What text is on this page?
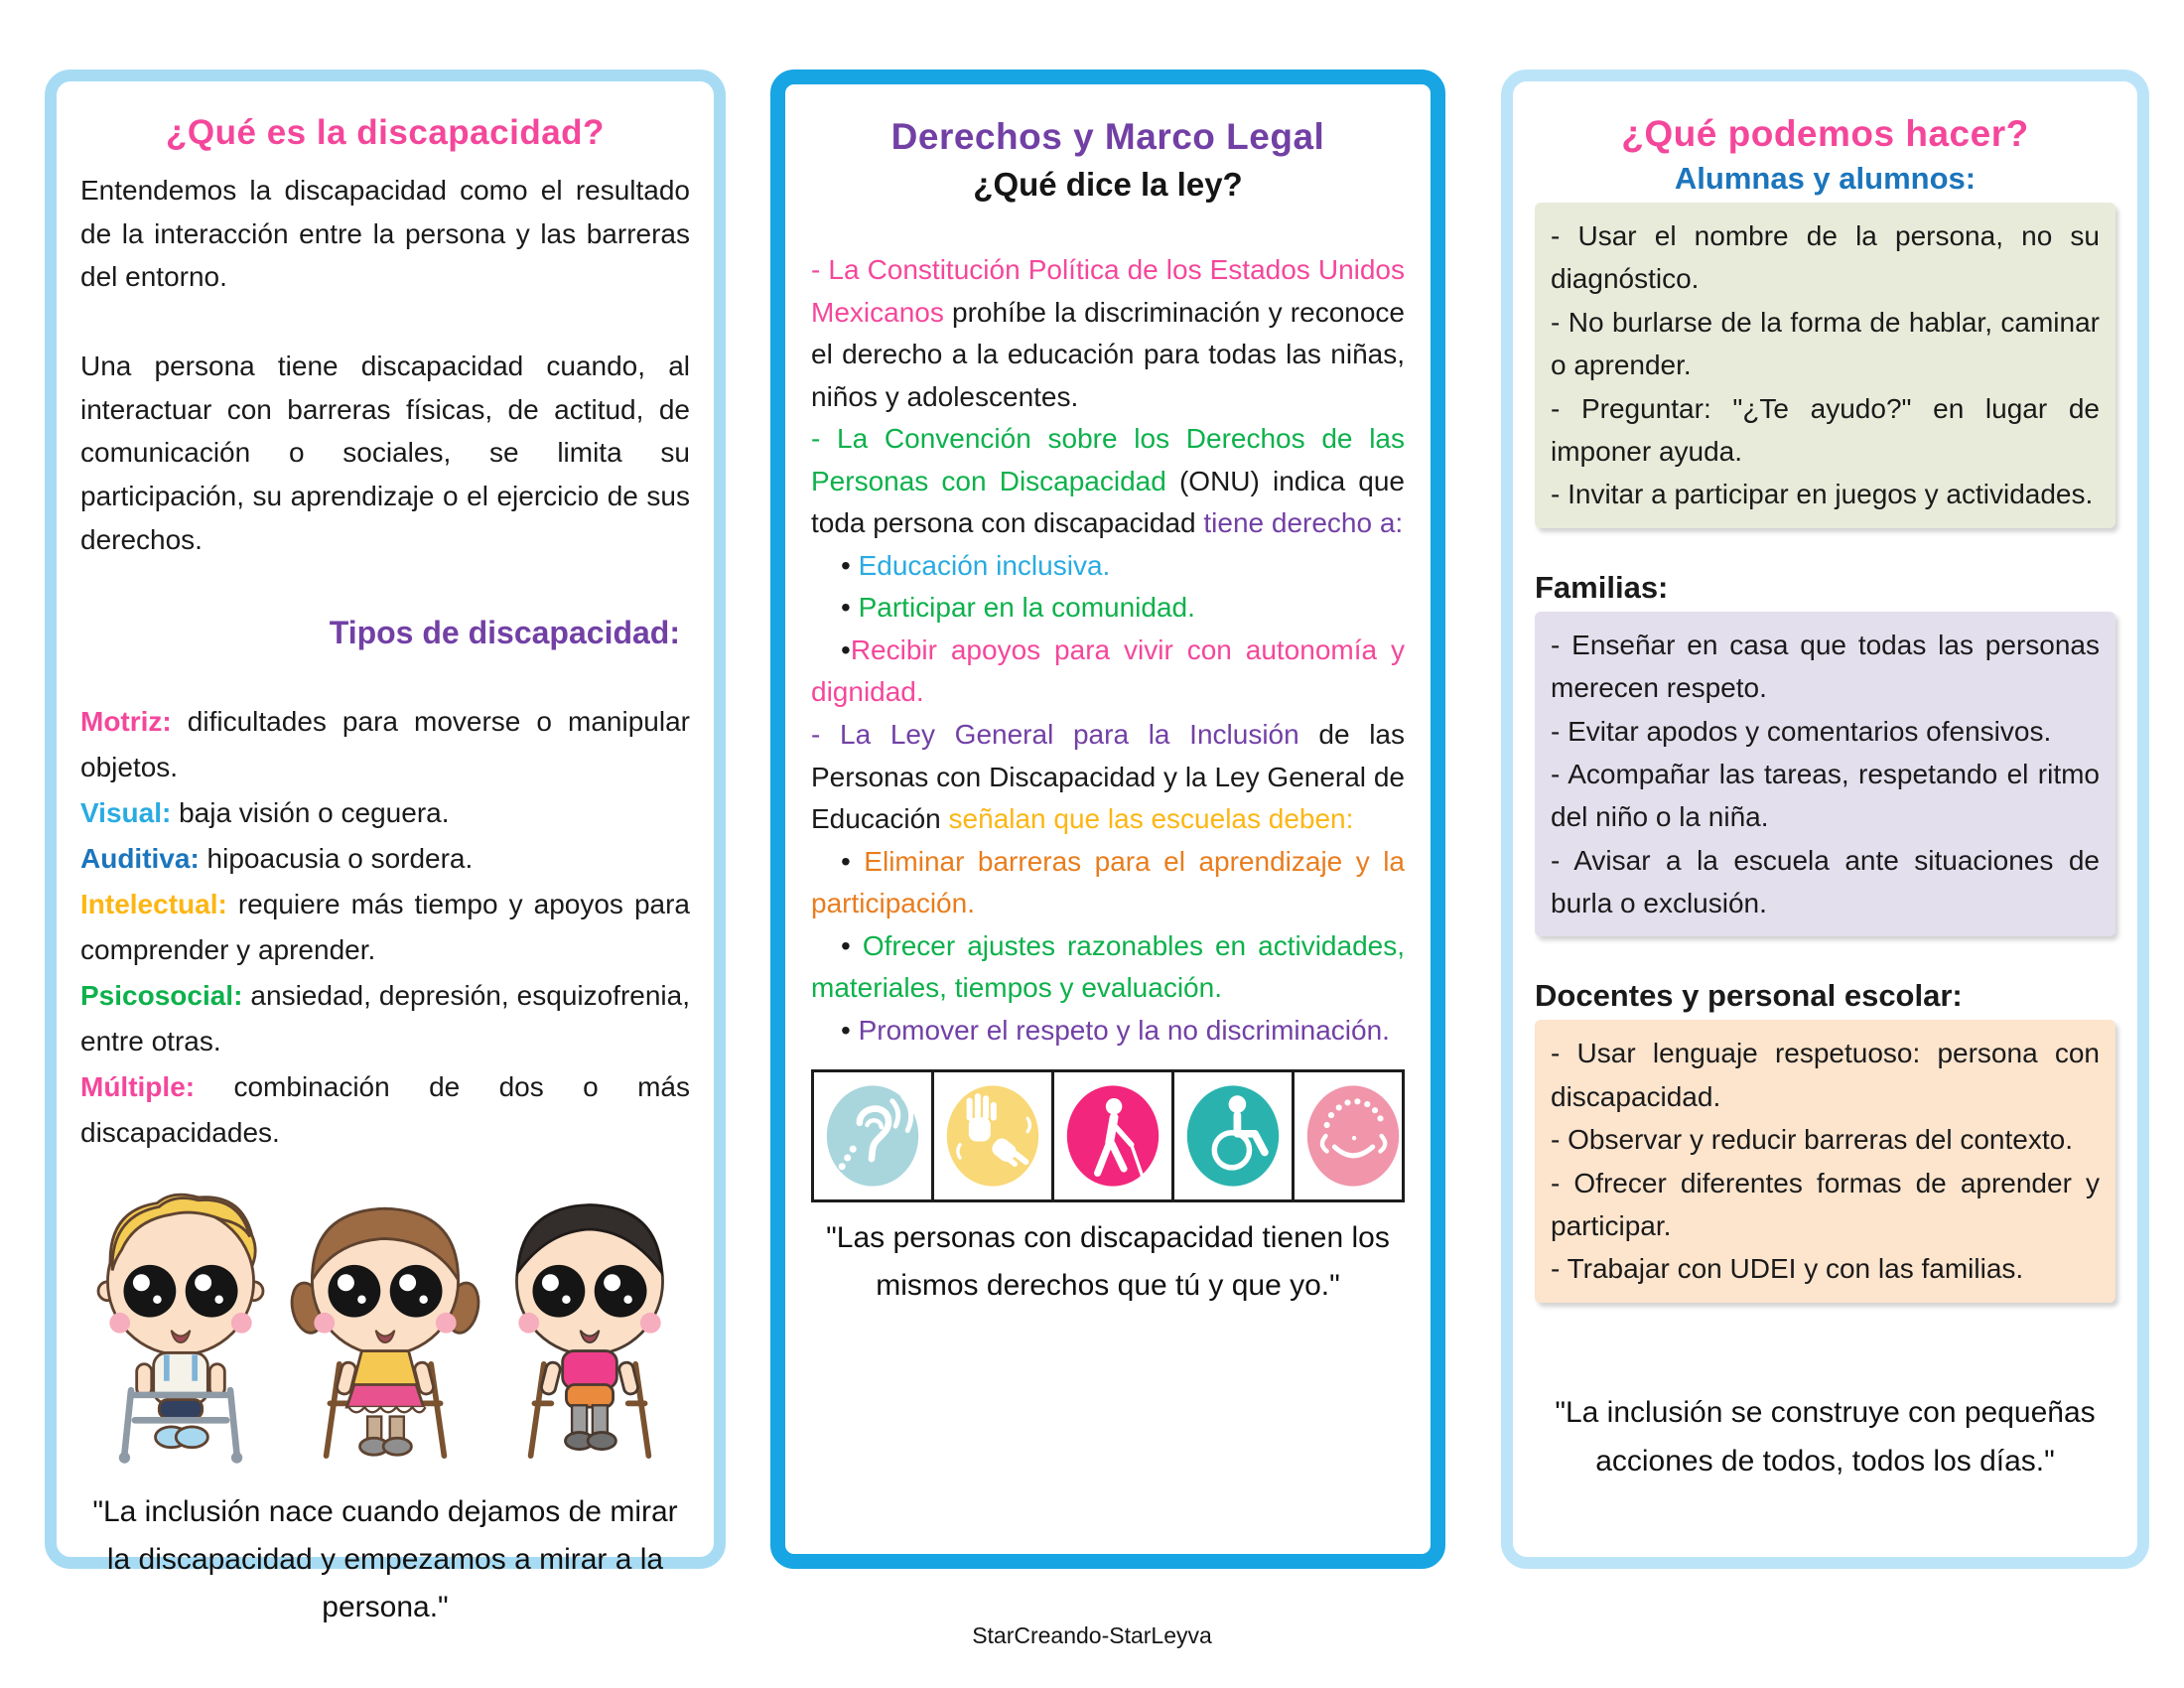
¿Qué es la discapacidad?

Entendemos la discapacidad como el resultado de la interacción entre la persona y las barreras del entorno.

Una persona tiene discapacidad cuando, al interactuar con barreras físicas, de actitud, de comunicación o sociales, se limita su participación, su aprendizaje o el ejercicio de sus derechos.

Tipos de discapacidad:
Motriz: dificultades para moverse o manipular objetos.
Visual: baja visión o ceguera.
Auditiva: hipoacusia o sordera.
Intelectual: requiere más tiempo y apoyos para comprender y aprender.
Psicosocial: ansiedad, depresión, esquizofrenia, entre otras.
Múltiple: combinación de dos o más discapacidades.

"La inclusión nace cuando dejamos de mirar la discapacidad y empezamos a mirar a la persona."

Derechos y Marco Legal
¿Qué dice la ley?

- La Constitución Política de los Estados Unidos Mexicanos prohíbe la discriminación y reconoce el derecho a la educación para todas las niñas, niños y adolescentes.

- La Convención sobre los Derechos de las Personas con Discapacidad (ONU) indica que toda persona con discapacidad tiene derecho a:

• Educación inclusiva.

• Participar en la comunidad.

•Recibir apoyos para vivir con autonomía y dignidad.

- La Ley General para la Inclusión de las Personas con Discapacidad y la Ley General de Educación señalan que las escuelas deben:

• Eliminar barreras para el aprendizaje y la participación.

• Ofrecer ajustes razonables en actividades, materiales, tiempos y evaluación.

• Promover el respeto y la no discriminación.

"Las personas con discapacidad tienen los mismos derechos que tú y que yo."

¿Qué podemos hacer?
Alumnas y alumnos:
- Usar el nombre de la persona, no su diagnóstico.
- No burlarse de la forma de hablar, caminar o aprender.
- Preguntar: "¿Te ayudo?" en lugar de imponer ayuda.
- Invitar a participar en juegos y actividades.
Familias:
- Enseñar en casa que todas las personas merecen respeto.
- Evitar apodos y comentarios ofensivos.
- Acompañar las tareas, respetando el ritmo del niño o la niña.
- Avisar a la escuela ante situaciones de burla o exclusión.
Docentes y personal escolar:
- Usar lenguaje respetuoso: persona con discapacidad.
- Observar y reducir barreras del contexto.
- Ofrecer diferentes formas de aprender y participar.
- Trabajar con UDEI y con las familias.

"La inclusión se construye con pequeñas acciones de todos, todos los días."

StarCreando-StarLeyva
